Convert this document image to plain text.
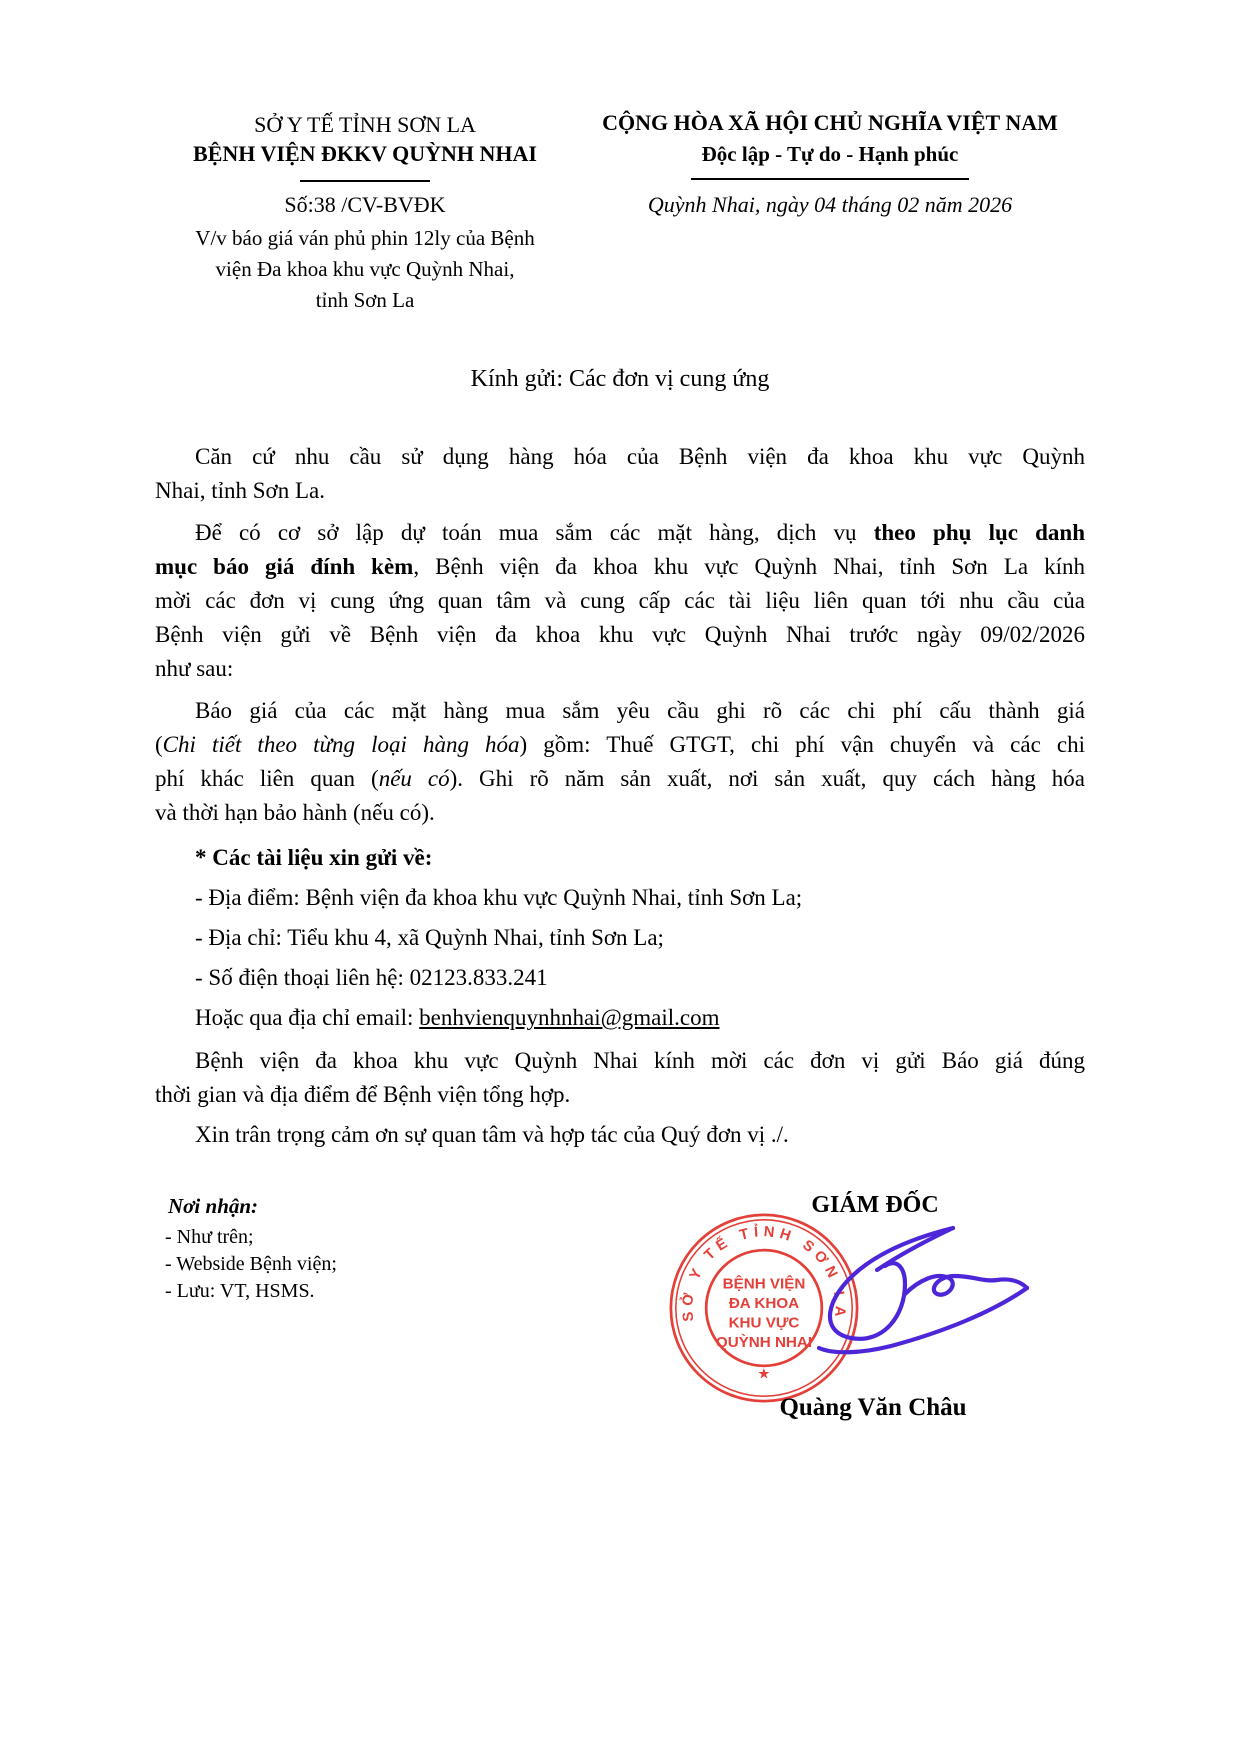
SỞ Y TẾ TỈNH SƠN LA
BỆNH VIỆN ĐKKV QUỲNH NHAI
Số:38 /CV-BVĐK
V/v báo giá ván phủ phin 12ly của Bệnh
viện Đa khoa khu vực Quỳnh Nhai,
tỉnh Sơn La
CỘNG HÒA XÃ HỘI CHỦ NGHĨA VIỆT NAM
Độc lập - Tự do - Hạnh phúc
Quỳnh Nhai, ngày 04 tháng 02 năm 2026
Kính gửi: Các đơn vị cung ứng
Căn cứ nhu cầu sử dụng hàng hóa của Bệnh viện đa khoa khu vực Quỳnh
Nhai, tỉnh Sơn La.
Để có cơ sở lập dự toán mua sắm các mặt hàng, dịch vụ theo phụ lục danh
mục báo giá đính kèm, Bệnh viện đa khoa khu vực Quỳnh Nhai, tỉnh Sơn La kính
mời các đơn vị cung ứng quan tâm và cung cấp các tài liệu liên quan tới nhu cầu của
Bệnh viện gửi về Bệnh viện đa khoa khu vực Quỳnh Nhai trước ngày 09/02/2026
như sau:
Báo giá của các mặt hàng mua sắm yêu cầu ghi rõ các chi phí cấu thành giá
(Chi tiết theo từng loại hàng hóa) gồm: Thuế GTGT, chi phí vận chuyển và các chi
phí khác liên quan (nếu có). Ghi rõ năm sản xuất, nơi sản xuất, quy cách hàng hóa
và thời hạn bảo hành (nếu có).
* Các tài liệu xin gửi về:
- Địa điểm: Bệnh viện đa khoa khu vực Quỳnh Nhai, tỉnh Sơn La;
- Địa chỉ: Tiểu khu 4, xã Quỳnh Nhai, tỉnh Sơn La;
- Số điện thoại liên hệ: 02123.833.241
Hoặc qua địa chỉ email: benhvienquynhnhai@gmail.com
Bệnh viện đa khoa khu vực Quỳnh Nhai kính mời các đơn vị gửi Báo giá đúng
thời gian và địa điểm để Bệnh viện tổng hợp.
Xin trân trọng cảm ơn sự quan tâm và hợp tác của Quý đơn vị ./.
Nơi nhận:
- Như trên;
- Webside Bệnh viện;
- Lưu: VT, HSMS.
GIÁM ĐỐC
SỞ Y TẾ TỈNH SƠN LA
BỆNH VIỆN
ĐA KHOA
KHU VỰC
QUỲNH NHAI
★
Quàng Văn Châu
